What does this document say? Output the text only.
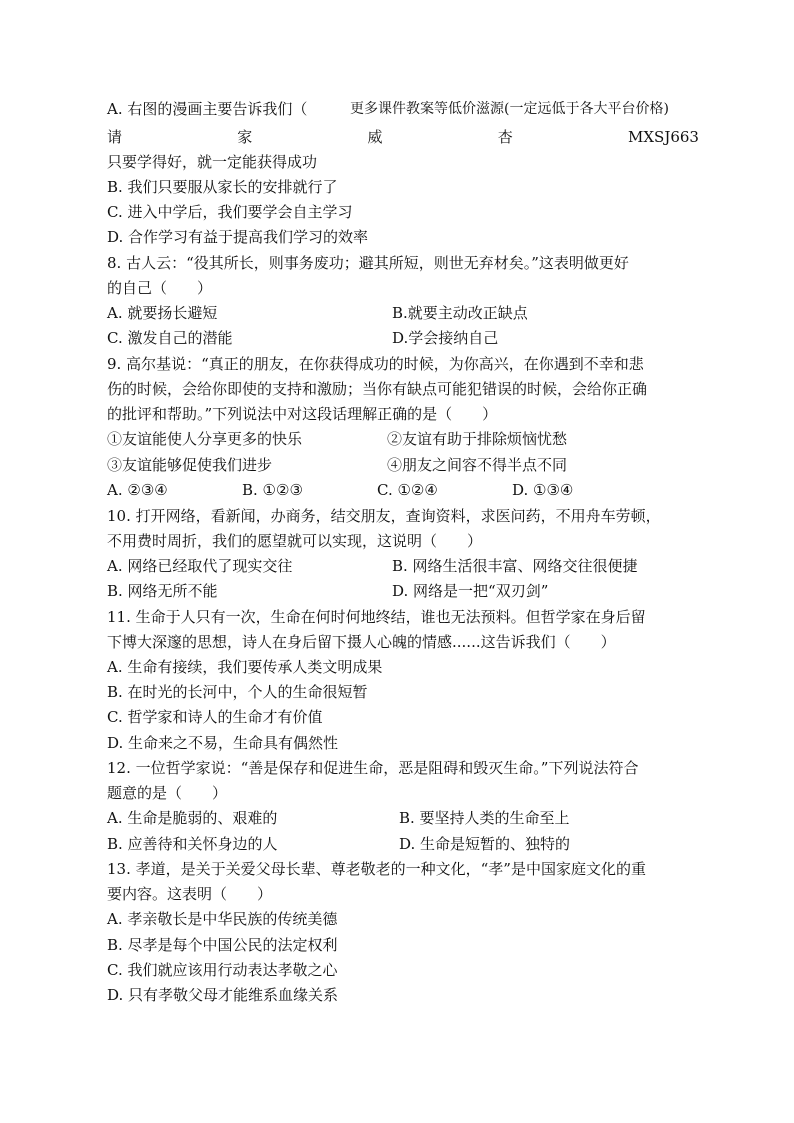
A. 右图的漫画主要告诉我们（	更多课件教案等低价滋源(一定远低于各大平台价格)
请	家	威	杏	MXSJ663
只要学得好，就一定能获得成功
B. 我们只要服从家长的安排就行了
C. 进入中学后，我们要学会自主学习
D. 合作学习有益于提高我们学习的效率
8. 古人云：“役其所长，则事务废功；避其所短，则世无弃材矣。”这表明做更好
的自己（　　）
A. 就要扬长避短	B.就要主动改正缺点
C. 激发自己的潜能	D.学会接纳自己
9. 高尔基说：“真正的朋友，在你获得成功的时候，为你高兴，在你遇到不幸和悲
伤的时候，会给你即使的支持和激励；当你有缺点可能犯错误的时候，会给你正确
的批评和帮助。”下列说法中对这段话理解正确的是（　　）
①友谊能使人分享更多的快乐	②友谊有助于排除烦恼忧愁
③友谊能够促使我们进步	④朋友之间容不得半点不同
A. ②③④	B. ①②③	C. ①②④	D. ①③④
10. 打开网络，看新闻，办商务，结交朋友，查询资料，求医问药，不用舟车劳顿，
不用费时周折，我们的愿望就可以实现，这说明（　　）
A. 网络已经取代了现实交往	B. 网络生活很丰富、网络交往很便捷
B. 网络无所不能	D. 网络是一把“双刃剑”
11. 生命于人只有一次，生命在何时何地终结，谁也无法预料。但哲学家在身后留
下博大深邃的思想，诗人在身后留下摄人心魄的情感......这告诉我们（　　）
A. 生命有接续，我们要传承人类文明成果
B. 在时光的长河中，个人的生命很短暂
C. 哲学家和诗人的生命才有价值
D. 生命来之不易，生命具有偶然性
12. 一位哲学家说：“善是保存和促进生命，恶是阻碍和毁灭生命。”下列说法符合
题意的是（　　）
A. 生命是脆弱的、艰难的	B. 要坚持人类的生命至上
B. 应善待和关怀身边的人	D. 生命是短暂的、独特的
13. 孝道，是关于关爱父母长辈、尊老敬老的一种文化，“孝”是中国家庭文化的重
要内容。这表明（　　）
A. 孝亲敬长是中华民族的传统美德
B. 尽孝是每个中国公民的法定权利
C. 我们就应该用行动表达孝敬之心
D. 只有孝敬父母才能维系血缘关系
